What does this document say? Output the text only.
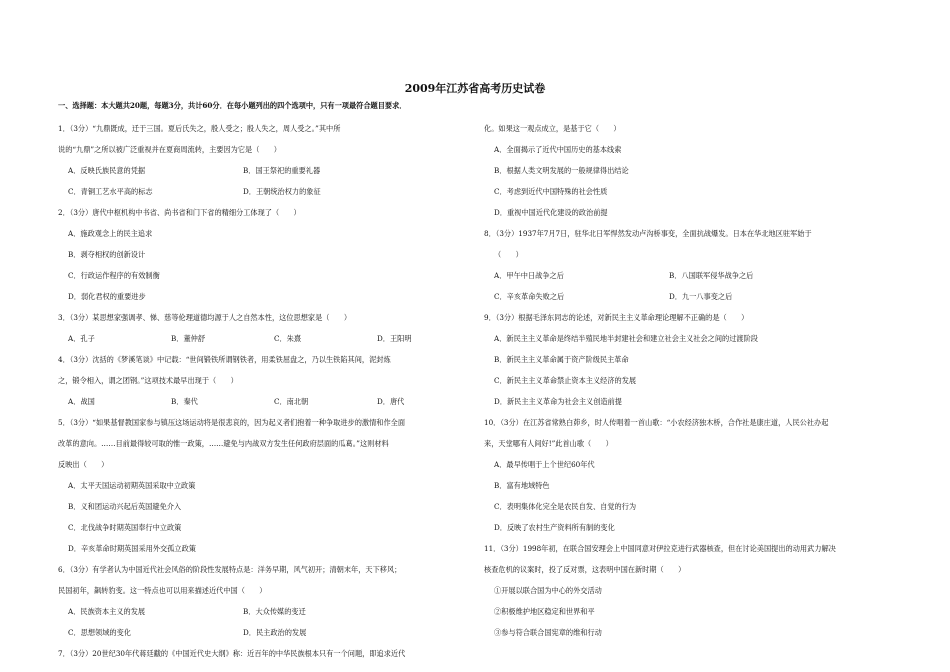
2009年江苏省高考历史试卷
一、选择题：本大题共20题，每题3分，共计60分．在每小题列出的四个选项中，只有一项最符合题目要求．
1．（3分）“九鼎既成，迁于三国。夏后氏失之，殷人受之；殷人失之，周人受之。”其中所
说的“九鼎”之所以被广泛重视并在夏商周流转，主要因为它是（　　）
A．反映氏族民意的凭据	B．国王祭祀的重要礼器
C．青铜工艺水平高的标志	D．王朝统治权力的象征
2．（3分）唐代中枢机构中书省、尚书省和门下省的精细分工体现了（　　）
A．施政观念上的民主追求
B．剥夺相权的创新设计
C．行政运作程序的有效制衡
D．弱化君权的重要进步
3．（3分）某思想家强调孝、悌、慈等伦理道德均源于人之自然本性，这位思想家是（　　）
A．孔子	B．董仲舒	C．朱熹	D．王阳明
4．（3分）沈括的《梦溪笔谈》中记载：“世间锻铁所谓钢铁者，用柔铁屈盘之，乃以生铁陷其间，泥封炼
之，锻令相入，谓之团钢。”这项技术最早出现于（　　）
A．战国	B．秦代	C．南北朝	D．唐代
5．（3分）“如果基督教国家参与镇压这场运动将是很悲哀的，因为起义者们抱着一种争取进步的激情和作全面
改革的意向。……目前最得较可取的惟一政策，……避免与内战双方发生任何政府层面的瓜葛。”这则材料
反映出（　　）
A．太平天国运动初期英国采取中立政策
B．义和团运动兴起后英国避免介入
C．北伐战争时期英国奉行中立政策
D．辛亥革命时期英国采用外交孤立政策
6．（3分）有学者认为中国近代社会风俗的阶段性发展特点是：洋务早期，风气初开；清朝末年，天下移风；
民国初年，飙转豹变。这一特点也可以用来描述近代中国（　　）
A．民族资本主义的发展	B．大众传媒的变迁
C．思想领域的变化	D．民主政治的发展
7．（3分）20世纪30年代蒋廷黻的《中国近代史大纲》称：近百年的中华民族根本只有一个问题，即追求近代
化。如果这一观点成立，是基于它（　　）
A．全面揭示了近代中国历史的基本线索
B．根据人类文明发展的一般规律得出结论
C．考虑到近代中国特殊的社会性质
D．重视中国近代化建设的政治前提
8．（3分）1937年7月7日，驻华北日军悍然发动卢沟桥事变，全面抗战爆发。日本在华北地区驻军始于
（　　）
A．甲午中日战争之后	B．八国联军侵华战争之后
C．辛亥革命失败之后	D．九一八事变之后
9．（3分）根据毛泽东同志的论述，对新民主主义革命理论理解不正确的是（　　）
A．新民主主义革命是终结半殖民地半封建社会和建立社会主义社会之间的过渡阶段
B．新民主主义革命属于资产阶级民主革命
C．新民主主义革命禁止资本主义经济的发展
D．新民主主义革命为社会主义创造前提
10．（3分）在江苏省常熟白茆乡，时人传唱着一首山歌：“小农经济独木桥，合作社是康庄道，人民公社办起
来，天堂哪有人间好!”此首山歌（　　）
A．最早传唱于上个世纪60年代
B．富有地域特色
C．表明集体化完全是农民自发、自觉的行为
D．反映了农村生产资料所有制的变化
11．（3分）1998年初，在联合国安理会上中国同意对伊拉克进行武器核查，但在讨论美国提出的动用武力解决
核查危机的议案时，投了反对票，这表明中国在新时期（　　）
①开展以联合国为中心的外交活动
②积极维护地区稳定和世界和平
③参与符合联合国宪章的维和行动
